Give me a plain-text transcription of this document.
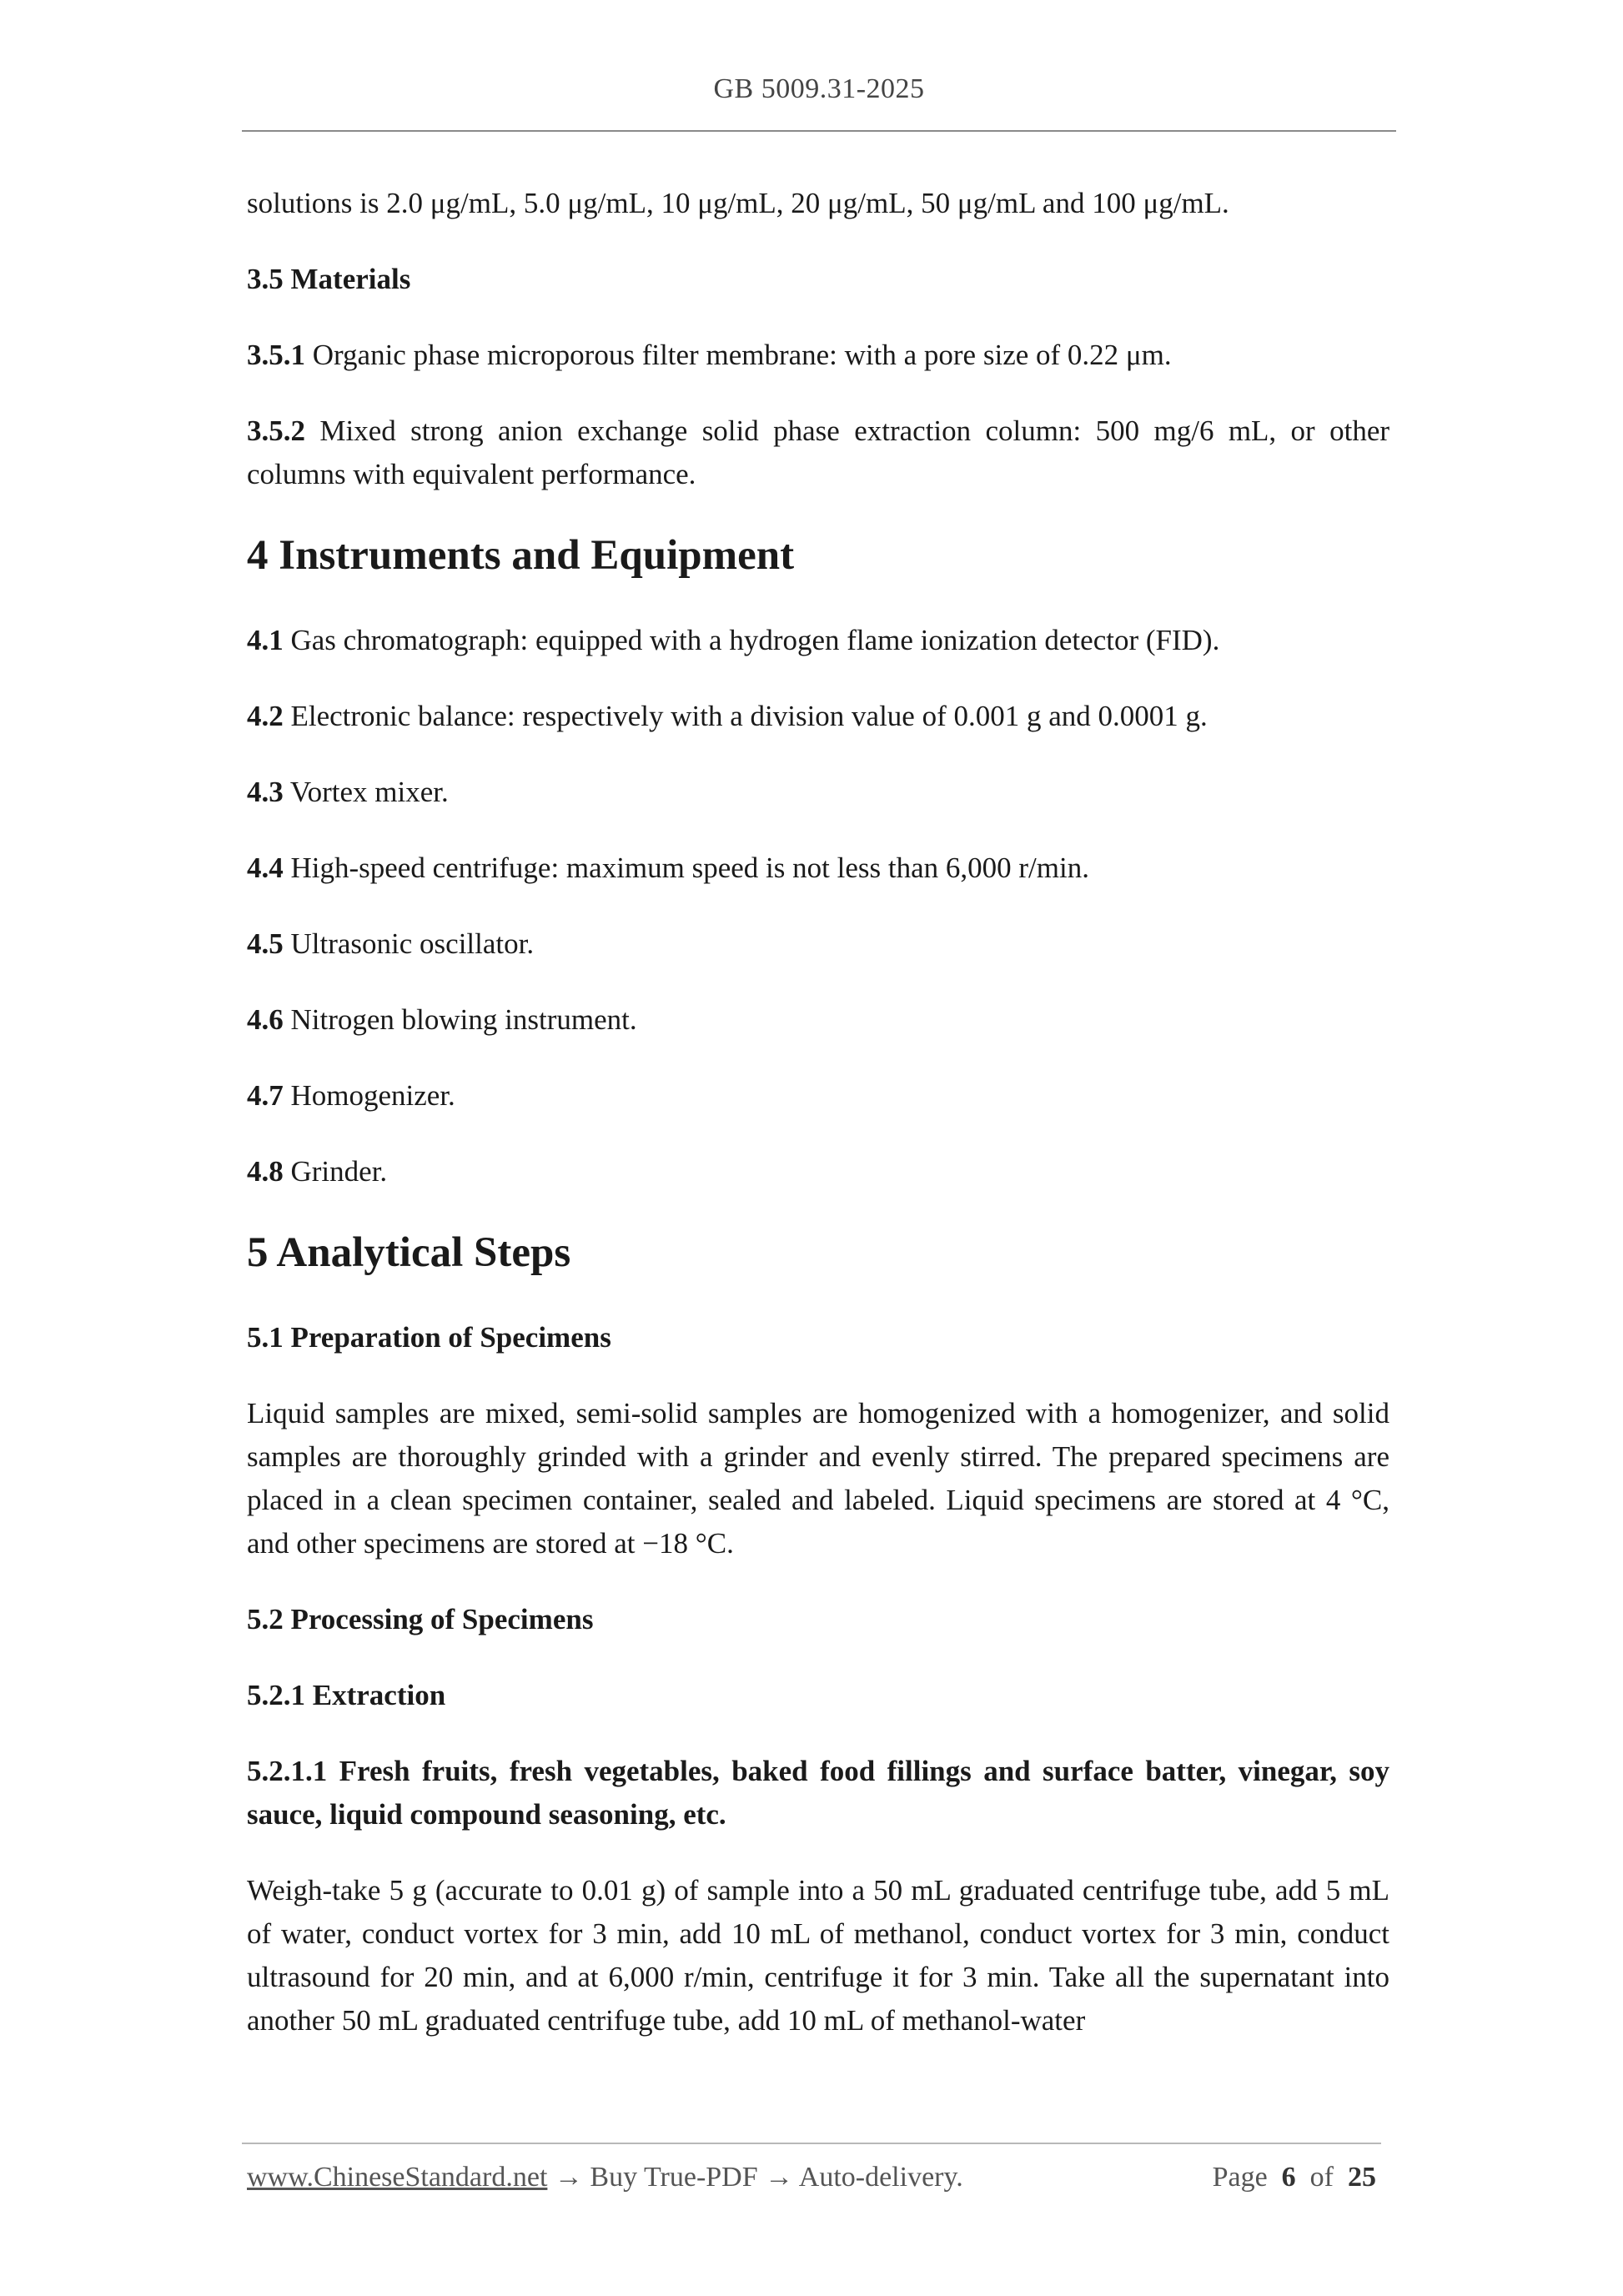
GB 5009.31-2025

solutions is 2.0 μg/mL, 5.0 μg/mL, 10 μg/mL, 20 μg/mL, 50 μg/mL and 100 μg/mL.

3.5 Materials

3.5.1 Organic phase microporous filter membrane: with a pore size of 0.22 μm.

3.5.2 Mixed strong anion exchange solid phase extraction column: 500 mg/6 mL, or other columns with equivalent performance.

4 Instruments and Equipment

4.1 Gas chromatograph: equipped with a hydrogen flame ionization detector (FID).

4.2 Electronic balance: respectively with a division value of 0.001 g and 0.0001 g.

4.3 Vortex mixer.

4.4 High-speed centrifuge: maximum speed is not less than 6,000 r/min.

4.5 Ultrasonic oscillator.

4.6 Nitrogen blowing instrument.

4.7 Homogenizer.

4.8 Grinder.

5 Analytical Steps
5.1 Preparation of Specimens

Liquid samples are mixed, semi-solid samples are homogenized with a homogenizer, and solid samples are thoroughly grinded with a grinder and evenly stirred. The prepared specimens are placed in a clean specimen container, sealed and labeled. Liquid specimens are stored at 4 °C, and other specimens are stored at −18 °C.

5.2 Processing of Specimens
5.2.1 Extraction

5.2.1.1 Fresh fruits, fresh vegetables, baked food fillings and surface batter, vinegar, soy sauce, liquid compound seasoning, etc.

Weigh-take 5 g (accurate to 0.01 g) of sample into a 50 mL graduated centrifuge tube, add 5 mL of water, conduct vortex for 3 min, add 10 mL of methanol, conduct vortex for 3 min, conduct ultrasound for 20 min, and at 6,000 r/min, centrifuge it for 3 min. Take all the supernatant into another 50 mL graduated centrifuge tube, add 10 mL of methanol-water

www.ChineseStandard.net → Buy True-PDF → Auto-delivery.	Page 6 of 25
